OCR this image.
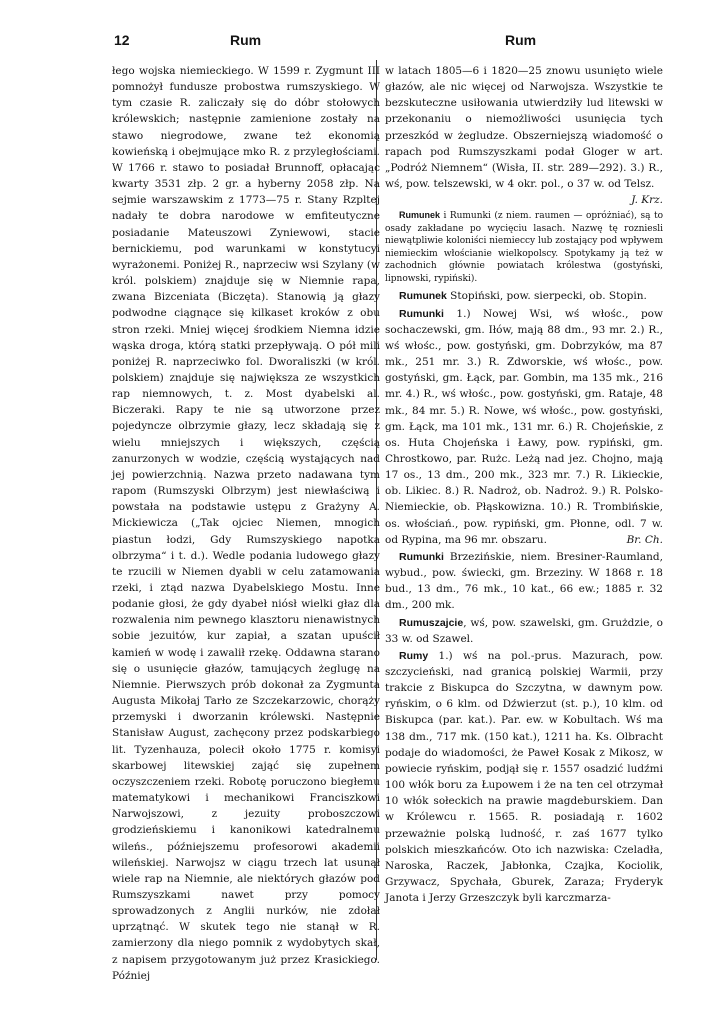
12	Rum	Rum

łego wojska niemieckiego. W 1599 r. Zygmunt III pomnożył fundusze probostwa rumszyskiego. W tym czasie R. zaliczały się do dóbr stołowych królewskich; następnie zamienione zostały na stawo niegrodowe, zwane też ekonomią kowieńską i obejmujące mko R. z przyległościami. W 1766 r. stawo to posiadał Brunnoff, opłacając kwarty 3531 złp. 2 gr. a hyberny 2058 złp. Na sejmie warszawskim z 1773—75 r. Stany Rzpltej nadały te dobra narodowe w emfiteutyczne posiadanie Mateuszowi Zyniewowi, stacie bernickiemu, pod warunkami w konstytucyi wyrażonemi. Poniżej R., naprzeciw wsi Szylany (w król. polskiem) znajduje się w Niemnie rapa, zwana Bizceniata (Biczęta). Stanowią ją głazy podwodne ciągnące się kilkaset kroków z obu stron rzeki. Mniej więcej środkiem Niemna idzie wąska droga, którą statki przepływają. O pół mili poniżej R. naprzeciwko fol. Dworaliszki (w król. polskiem) znajduje się największa ze wszystkich rap niemnowych, t. z. Most dyabelski al. Biczeraki. Rapy te nie są utworzone przez pojedyncze olbrzymie głazy, lecz składają się z wielu mniejszych i większych, częścią zanurzonych w wodzie, częścią wystających nad jej powierzchnią. Nazwa przeto nadawana tym rapom (Rumszyski Olbrzym) jest niewłaściwą i powstała na podstawie ustępu z Grażyny A. Mickiewicza („Tak ojciec Niemen, mnogich piastun łodzi, Gdy Rumszyskiego napotka olbrzyma“ i t. d.). Wedle podania ludowego głazy te rzucili w Niemen dyabli w celu zatamowania rzeki, i ztąd nazwa Dyabelskiego Mostu. Inne podanie głosi, że gdy dyabeł niósł wielki głaz dla rozwalenia nim pewnego klasztoru nienawistnych sobie jezuitów, kur zapiał, a szatan upuścił kamień w wodę i zawalił rzekę. Oddawna starano się o usunięcie głazów, tamujących żeglugę na Niemnie. Pierwszych prób dokonał za Zygmunta Augusta Mikołaj Tarło ze Szczekarzowic, chorąży przemyski i dworzanin królewski. Następnie Stanisław August, zachęcony przez podskarbiego lit. Tyzenhauza, polecił około 1775 r. komisyi skarbowej litewskiej zająć się zupełnem oczyszczeniem rzeki. Robotę poruczono biegłemu matematykowi i mechanikowi Franciszkowi Narwojszowi, z jezuity proboszczowi grodzieńskiemu i kanonikowi katedralnemu wileńs., późniejszemu profesorowi akademii wileńskiej. Narwojsz w ciągu trzech lat usunął wiele rap na Niemnie, ale niektórych głazów pod Rumszyszkami nawet przy pomocy sprowadzonych z Anglii nurków, nie zdołał uprzątnąć. W skutek tego nie stanął w R. zamierzony dla niego pomnik z wydobytych skał, z napisem przygotowanym już przez Krasickiego. Później

w latach 1805—6 i 1820—25 znowu usunięto wiele głazów, ale nic więcej od Narwojsza. Wszystkie te bezskuteczne usiłowania utwierdziły lud litewski w przekonaniu o niemożliwości usunięcia tych przeszkód w żegludze. Obszerniejszą wiadomość o rapach pod Rumszyszkami podał Gloger w art. „Podróż Niemnem“ (Wisła, II. str. 289—292). 3.) R., wś, pow. telszewski, w 4 okr. pol., o 37 w. od Telsz.

J. Krz.

Rumunek i Rumunki (z niem. raumen — opróżniać), są to osady zakładane po wycięciu lasach. Nazwę tę rozniesli niewątpliwie koloniści niemieccy lub zostający pod wpływem niemieckim włościanie wielkopolscy. Spotykamy ją też w zachodnich głównie powiatach królestwa (gostyński, lipnowski, rypiński).

Rumunek Stopiński, pow. sierpecki, ob. Stopin.

Rumunki 1.) Nowej Wsi, wś włośc., pow sochaczewski, gm. Iłów, mają 88 dm., 93 mr. 2.) R., wś włośc., pow. gostyński, gm. Dobrzyków, ma 87 mk., 251 mr. 3.) R. Zdworskie, wś włośc., pow. gostyński, gm. Łąck, par. Gombin, ma 135 mk., 216 mr. 4.) R., wś włośc., pow. gostyński, gm. Rataje, 48 mk., 84 mr. 5.) R. Nowe, wś włośc., pow. gostyński, gm. Łąck, ma 101 mk., 131 mr. 6.) R. Chojeńskie, z os. Huta Chojeńska i Ławy, pow. rypiński, gm. Chrostkowo, par. Rużc. Leżą nad jez. Chojno, mają 17 os., 13 dm., 200 mk., 323 mr. 7.) R. Likieckie, ob. Likiec. 8.) R. Nadroż, ob. Nadroż. 9.) R. Polsko-Niemieckie, ob. Płąskowizna. 10.) R. Trombińskie, os. włościań., pow. rypiński, gm. Płonne, odl. 7 w. od Rypina, ma 96 mr. obszaru.	Br. Ch.

Rumunki Brzezińskie, niem. Bresiner-Raumland, wybud., pow. świecki, gm. Brzeziny. W 1868 r. 18 bud., 13 dm., 76 mk., 10 kat., 66 ew.; 1885 r. 32 dm., 200 mk.

Rumuszajcie, wś, pow. szawelski, gm. Grużdzie, o 33 w. od Szawel.

Rumy 1.) wś na pol.-prus. Mazurach, pow. szczycieński, nad granicą polskiej Warmii, przy trakcie z Biskupca do Szczytna, w dawnym pow. ryńskim, o 6 klm. od Dźwierzut (st. p.), 10 klm. od Biskupca (par. kat.). Par. ew. w Kobultach. Wś ma 138 dm., 717 mk. (150 kat.), 1211 ha. Ks. Olbracht podaje do wiadomości, że Paweł Kosak z Mikosz, w powiecie ryńskim, podjął się r. 1557 osadzić ludźmi 100 włók boru za Łupowem i że na ten cel otrzymał 10 włók sołeckich na prawie magdeburskiem. Dan w Królewcu r. 1565. R. posiadają r. 1602 przeważnie polską ludność, r. zaś 1677 tylko polskich mieszkańców. Oto ich nazwiska: Czeladła, Naroska, Raczek, Jabłonka, Czajka, Kociolik, Grzywacz, Spychała, Gburek, Zaraza; Fryderyk Janota i Jerzy Grzeszczyk byli karczmarza-
